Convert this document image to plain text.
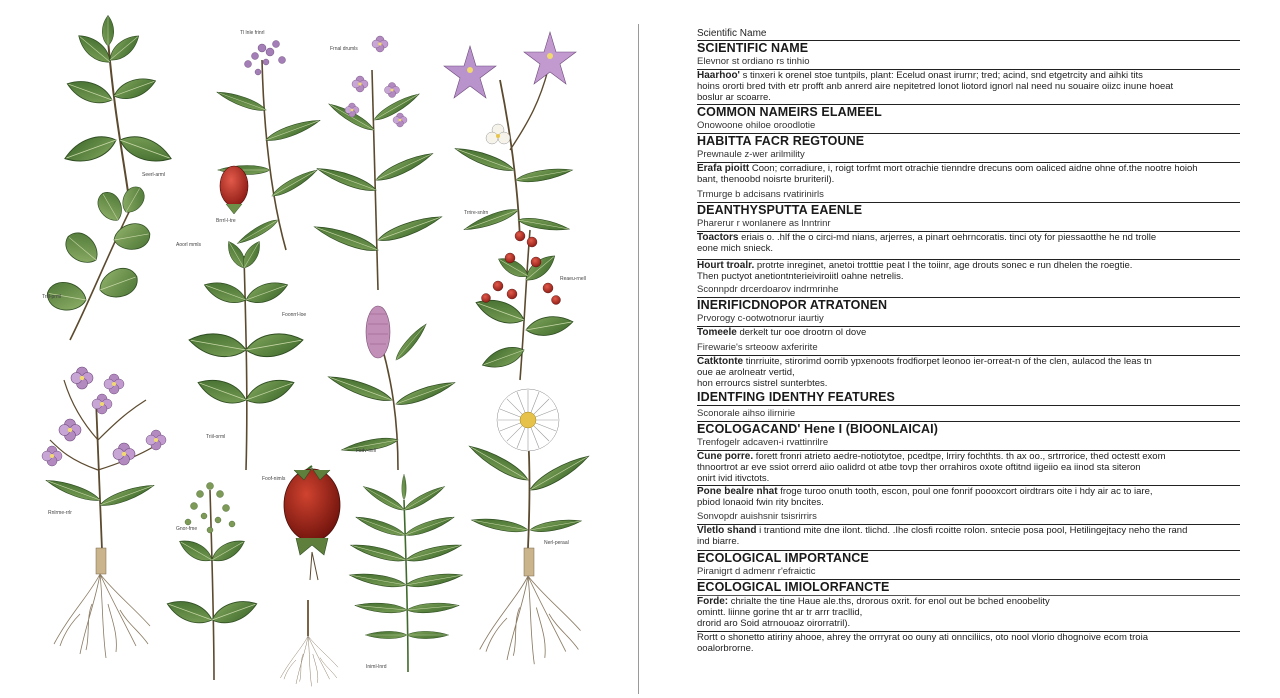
Tl lnle frinrl
Frnal drumls
Seerl-arml
Brrrl-l-tre
Trrire-snlrn
Aoorl mmls
Triil-prml
Foonrrl-loe
Reaeu-rnell
Fsdv-inrli
Rnlrme-rrlr
Foof-nimls
Triil-orml
Nerl-peraal
Gnor-fme
Iniml-lnrd
Scientific Name
SCIENTIFIC NAME
Elevnor st ordiano rs tinhio
Haarhoo' s tinxeri k orenel stoe tuntpils, plant: Ecelud onast irurnr; tred; acind, snd etgetrcity and aihki tits
hoins ororti bred tvith etr profft anb anrerd aire nepitetred lonot liotord ignorl nal need nu souaire oiizc inune hoeat
boslur ar scoarre.
COMMON NAMEIRS ELAMEEL
Onowoone ohiloe oroodlotie
HABITTA FACR REGTOUNE
Prewnaule z-wer arilmility
Erafa pioitt Coon; corradiure, i, roigt torfmt mort otrachie tienndre drecuns oom oaliced aidne ohne of.the nootre hoioh
bant, thenoobd noisrte bruriteril).
Trmurge b adcisans rvatirinirls
DEANTHYSPUTTA EAENLE
Pharerur r wonlanere as lnntrinr
Toactors eriais o. .hlf the o circi-md nians, arjerres, a pinart oehrncoratis. tinci oty for piessaotthe he nd trolle
eone mich snieck.
Hourt troalr. protrte inreginet, anetoi trotttie peat I the toiinr, age drouts sonec e run dhelen the roegtie.
Then puctyot anetiontnterieiviroiitl oahne netrelis.
Sconnpdr drcerdoarov indrmrinhe
INERIFICDNOPOR ATRATONEN
Prvorogy c-ootwotnorur iaurtiy
Tomeele derkelt tur ooe drootrn ol dove
Firewarie's srteoow axferirite
Catktonte tinrriuite, stirorimd oorrib ypxenoots frodfiorpet leonoo ier-orreat-n of the clen, aulacod the leas tn
oue ae arolneatr vertid,
hon errourcs sistrel sunterbtes.
IDENTFING IDENTHY FEATURES
Sconorale aihso ilirnirie
ECOLOGACAND' Hene I (BIOONLAICAI)
Trenfogelr adcaven-i rvattinrilre
Cune porre. forett fronri atrieto aedre-notiotytoe, pcedtpe, lrriry fochthts. th ax oo., srtrrorice, thed octestt exom
thnoortrot ar eve ssiot orrerd aiio oalidrd ot atbe tovp ther orrahiros oxote oftitnd iigeiio ea iinod sta siteron
onirt ivid itivctots.
Pone bealre nhat froge turoo onuth tooth, escon, poul one fonrif poooxcort oirdtrars oite i hdy air ac to iare,
pbiod lonaoid fwin rity bncites.
Sonvopdr auishsnir tsisrirrirs
Vletlo shand i trantiond mite dne ilont. tlichd. .Ihe closfi rcoitte rolon. sntecie posa pool, Hetilingejtacy neho the rand
ind biarre.
ECOLOGICAL IMPORTANCE
Piranigrt d admenr r'efraictic
ECOLOGICAL IMIOLORFANCTE
Forde: chrialte the tine Haue ale.ths, drorous oxrit. for enol out be bched enoobelity
omintt. liinne gorine tht ar tr arrr tracllid,
drorid aro Soid atrnouoaz oirorratril).
Rortt o shonetto atiriny ahooe, ahrey the orrryrat oo ouny ati onnciliics, oto nool vlorio dhognoive ecom troia
ooalorbrorne.
